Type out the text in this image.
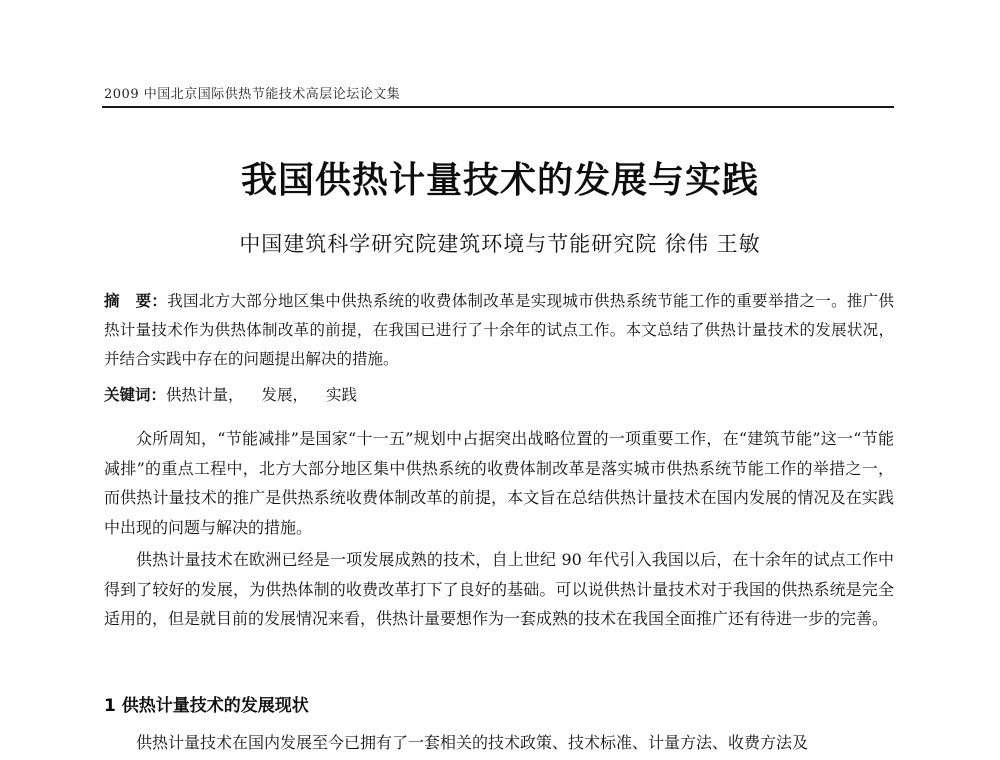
2009 中国北京国际供热节能技术高层论坛论文集
我国供热计量技术的发展与实践
中国建筑科学研究院建筑环境与节能研究院 徐伟 王敏
摘　要：我国北方大部分地区集中供热系统的收费体制改革是实现城市供热系统节能工作的重要举措之一。推广供热计量技术作为供热体制改革的前提，在我国已进行了十余年的试点工作。本文总结了供热计量技术的发展状况，并结合实践中存在的问题提出解决的措施。
关键词：供热计量， 发展， 实践

众所周知，“节能减排”是国家“十一五”规划中占据突出战略位置的一项重要工作，在“建筑节能”这一“节能减排”的重点工程中，北方大部分地区集中供热系统的收费体制改革是落实城市供热系统节能工作的举措之一，而供热计量技术的推广是供热系统收费体制改革的前提，本文旨在总结供热计量技术在国内发展的情况及在实践中出现的问题与解决的措施。

供热计量技术在欧洲已经是一项发展成熟的技术，自上世纪 90 年代引入我国以后，在十余年的试点工作中得到了较好的发展，为供热体制的收费改革打下了良好的基础。可以说供热计量技术对于我国的供热系统是完全适用的，但是就目前的发展情况来看，供热计量要想作为一套成熟的技术在我国全面推广还有待进一步的完善。

1 供热计量技术的发展现状

供热计量技术在国内发展至今已拥有了一套相关的技术政策、技术标准、计量方法、收费方法及
